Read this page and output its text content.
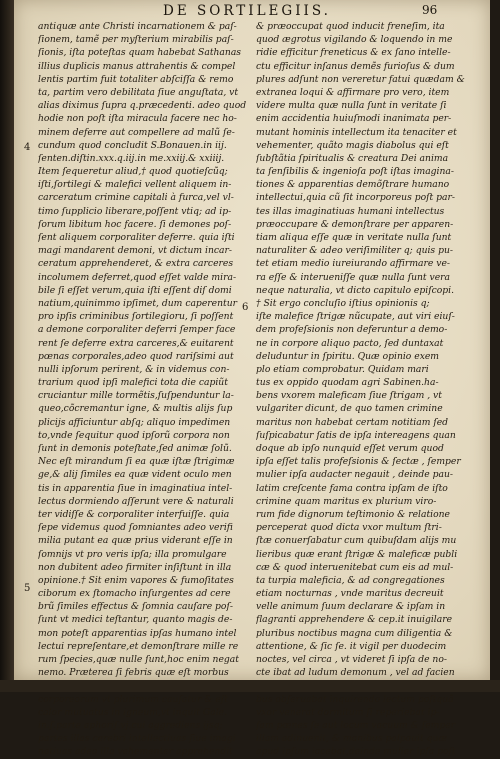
DE SORTILEGIIS.	96
4
5
6
antiquæ ante Christi incarnationem & paſ-
ſionem, tamẽ per myſterium mirabilis paſ-
ſionis, iſta poteſtas quam habebat Sathanas
illius duplicis manus attrahentis & compel
lentis partim fuit totaliter abſciſſa & remo
ta, partim vero debilitata ſiue anguſtata, vt
alias diximus ſupra q.præcedenti. adeo quod
hodie non poſt iſta miracula facere nec ho-
minem deferre aut compellere ad malũ ſe-
cundum quod concludit S.Bonauen.in iij.
ſenten.diſtin.xxx.q.iij.in me.xxiij.& xxiiij.
Item ſequeretur aliud,† quod quotieſcũq;
iſti,ſortilegi & malefici vellent aliquem in-
carceratum crimine capitali à furca,vel vl-
timo ſupplicio liberare,poſſent vtiq; ad ip-
ſorum libitum hoc facere. ſi demones poſ-
ſent aliquem corporaliter deferre. quia iſti
magi mandarent demoni, vt dictum incar-
ceratum apprehenderet, & extra carceres
incolumem deferret,quod eſſet valde mira-
bile ſi eſſet verum,quia iſti eſſent diſ domi
natium,quinimmo ipſimet, dum caperentur
pro ipſis criminibus ſortilegioru, ſi poſſent
a demone corporaliter deferri ſemper face
rent ſe deferre extra carceres,& euitarent
pœnas corporales,adeo quod rariſsimi aut
nulli ipſorum perirent, & in videmus con-
trarium quod ipſi malefici tota die capiũt
cruciantur mille tormẽtis,ſuſpenduntur la-
queo,cõcremantur igne, & multis alijs ſup
plicijs afficiuntur abſq; aliquo impedimen
to,vnde ſequitur quod ipſorũ corpora non
ſunt in demonis poteſtate,ſed animæ ſolũ.
Nec eſt mirandum ſi ea quæ iſtæ ſtrigimæ
ge,& alij ſimiles ea quæ vident oculo men
tis in apparentia ſiue in imaginatiua intel-
lectus dormiendo aſſerunt vere & naturali
ter vidiſſe & corporaliter interfuiſſe. quia
ſepe videmus quod ſomniantes adeo verifi
milia putant ea quæ prius viderant eſſe in
ſomnijs vt pro veris ipſa; illa promulgare
non dubitent adeo firmiter inſiſtunt in illa
opinione.† Sit enim vapores & fumoſitates
ciborum ex ſtomacho inſurgentes ad cere
brũ ſimiles effectus & ſomnia cauſare poſ-
ſunt vt medici teſtantur, quanto magis de-
mon poteſt apparentias ipſas humano intel
lectui repreſentare,et demonſtrare mille re
rum ſpecies,quæ nulle ſunt,hoc enim negat
nemo. Præterea ſi febris quæ eſt morbus
corporeorum vt plurimum cauſatur & eſt
calor mutuatus in igneum,vt inquit Gale.
in.ſ.parte aphoriſ.vj.cui aggrediens ijsq;
partes illas cerebri intellectiuas ſiue imagi
natiuas adeo illa vehementer apprehendit
& præoccupat quod inducit freneſim, ita
quod ægrotus vigilando & loquendo in me
ridie efficitur freneticus & ex ſano intelle-
ctu efficitur inſanus demẽs furioſus & dum
plures adſunt non vereretur fatui quædam &
extranea loqui & affirmare pro vero, item
videre multa quæ nulla ſunt in veritate ſi
enim accidentia huiuſmodi inanimata per-
mutant hominis intellectum ita tenaciter et
vehementer, quãto magis diabolus qui eſt
ſubſtãtia ſpiritualis & creatura Dei anima
ta ſenſibilis & ingenioſa poſt iſtas imagina-
tiones & apparentias demõſtrare humano
intellectui,quia cũ ſit incorporeus poſt par-
tes illas imaginatiuas humani intellectus
præoccupare & demonſtrare per apparen-
tiam aliqua eſſe quæ in veritate nulla ſunt
naturaliter & adeo veriſimiliter q; quis pu-
tet etiam medio iureiurando affirmare ve-
ra eſſe & interueniſſe quæ nulla ſunt vera
neque naturalia, vt dicto capitulo epiſcopi.
† Sit ergo concluſio iſtius opinionis q;
iſte malefice ſtrigæ nũcupate, aut viri eiuſ-
dem profeſsionis non deferuntur a demo-
ne in corpore aliquo pacto, ſed duntaxat
deluduntur in ſpiritu. Quæ opinio exem
plo etiam comprobatur. Quidam mari
tus ex oppido quodam agri Sabinen.ha-
bens vxorem maleficam ſiue ſtrigam , vt
vulgariter dicunt, de quo tamen crimine
maritus non habebat certam notitiam ſed
ſuſpicabatur ſatis de ipſa intereagens quan
doque ab ipſo nunquid eſſet verum quod
ipſa eſſet talis profeſsionis & ſectæ , ſemper
mulier ipſa audacter negauit , deinde pau-
latim creſcente fama contra ipſam de iſto
crimine quam maritus ex plurium viro-
rum fide dignorum teſtimonio & relatione
perceperat quod dicta vxor multum ſtri-
ſtæ conuerſabatur cum quibuſdam alijs mu
lieribus quæ erant ſtrigæ & maleficæ publi
cæ & quod interuenitebat cum eis ad mul-
ta turpia maleficia, & ad congregationes
etiam nocturnas , vnde maritus decreuit
velle animum ſuum declarare & ipſam in
flagranti apprehendere & cep.it inuigilare
pluribus noctibus magna cum diligentia &
attentione, & ſic ſe. it vigil per duodecim
noctes, vel circa , vt videret ſi ipſa de no-
cte ibat ad ludum demonum , vel ad facien
bus obſeruabat inquirendo lectum poſtquã
vxor venerat dormitum ſi reperiebat ip-
ſam pœnes ſe aut locum vacuum & ſemper
illam adinuenit, & manibus palpauit quæ
apud ipſum iacebat,deinde mulier ipſa poſt
